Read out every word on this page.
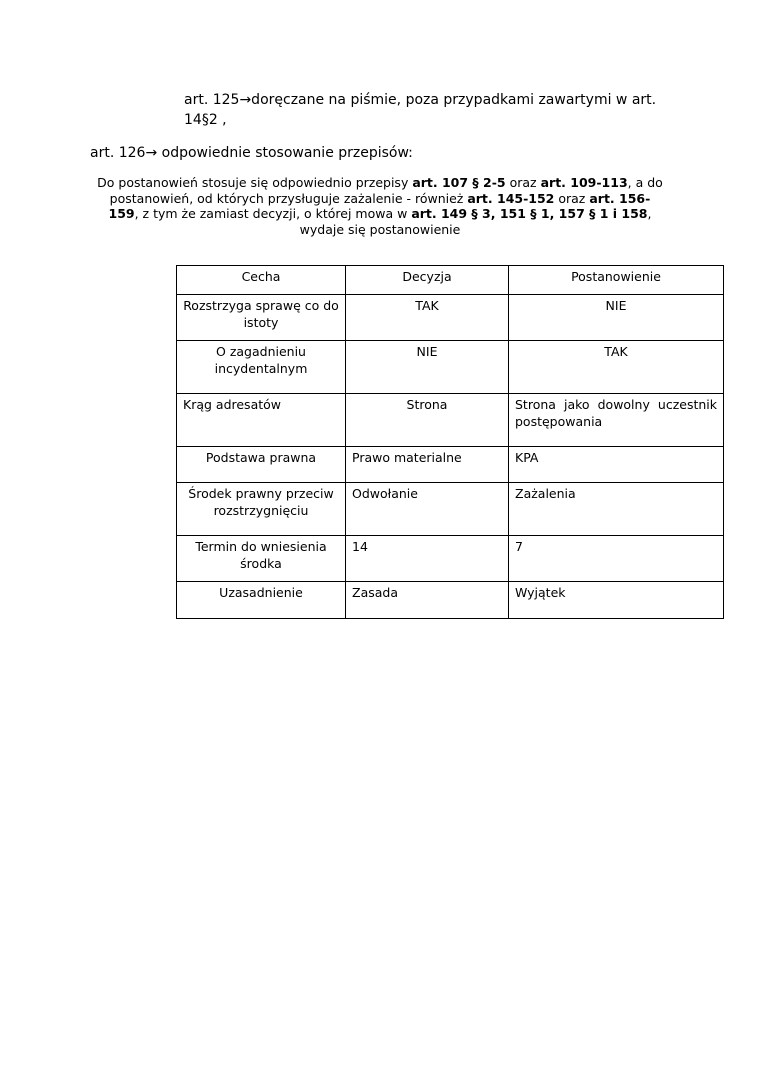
art. 125→doręczane na piśmie, poza przypadkami zawartymi w art.
14§2 ,
art. 126→ odpowiednie stosowanie przepisów:
Do postanowień stosuje się odpowiednio przepisy art. 107 § 2-5 oraz art. 109-113, a do postanowień, od których przysługuje zażalenie - również art. 145-152 oraz art. 156-159, z tym że zamiast decyzji, o której mowa w art. 149 § 3, 151 § 1, 157 § 1 i 158, wydaje się postanowienie
Cecha	Decyzja	Postanowienie
Rozstrzyga sprawę co do istoty	TAK	NIE
O zagadnieniu incydentalnym	NIE	TAK
Krąg adresatów	Strona	Strona jako dowolny uczestnik postępowania
Podstawa prawna	Prawo materialne	KPA
Środek prawny przeciw rozstrzygnięciu	Odwołanie	Zażalenia
Termin do wniesienia środka	14	7
Uzasadnienie	Zasada	Wyjątek
